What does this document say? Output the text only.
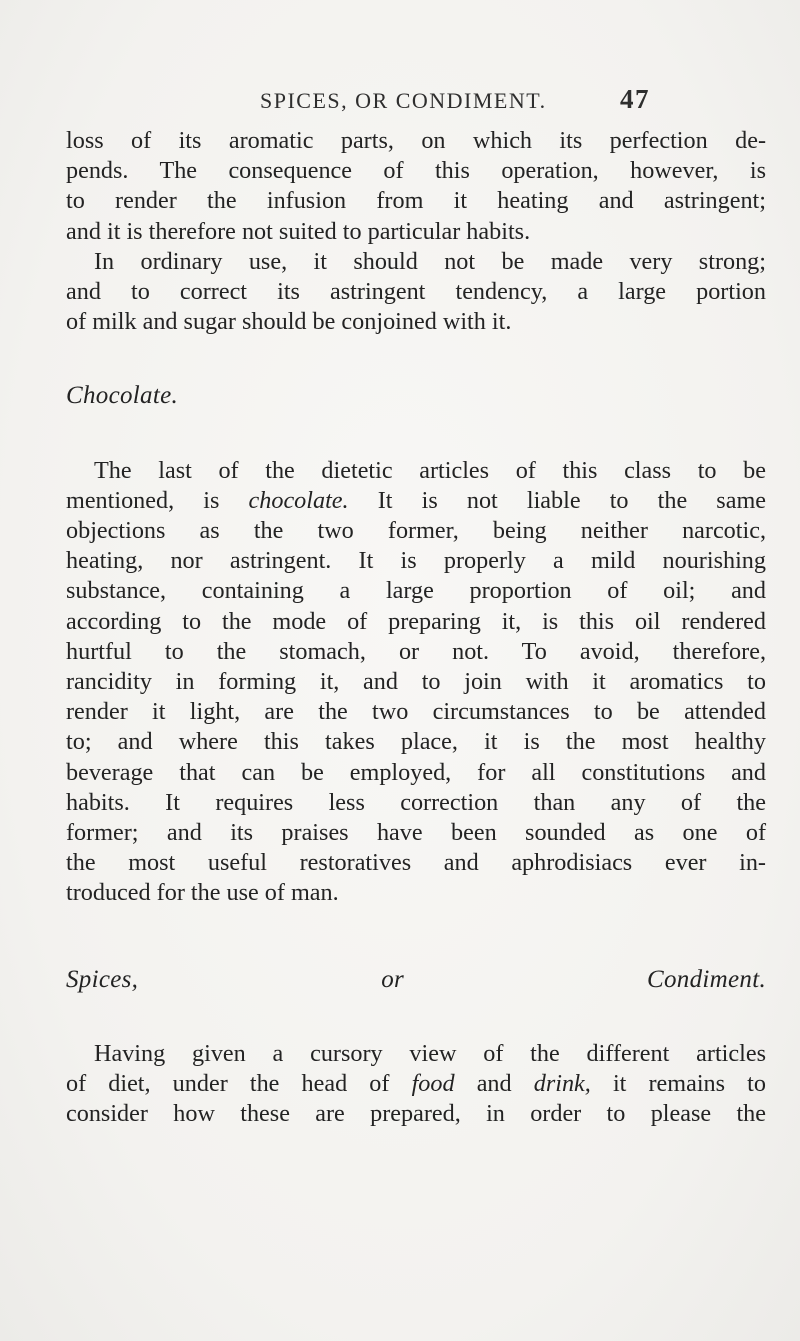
SPICES, OR CONDIMENT.	47

loss of its aromatic parts, on which its perfection de-

pends. The consequence of this operation, however, is

to render the infusion from it heating and astringent;

and it is therefore not suited to particular habits.

In ordinary use, it should not be made very strong;

and to correct its astringent tendency, a large portion

of milk and sugar should be conjoined with it.

Chocolate.

The last of the dietetic articles of this class to be

mentioned, is chocolate. It is not liable to the same

objections as the two former, being neither narcotic,

heating, nor astringent. It is properly a mild nourishing

substance, containing a large proportion of oil; and

according to the mode of preparing it, is this oil rendered

hurtful to the stomach, or not. To avoid, therefore,

rancidity in forming it, and to join with it aromatics to

render it light, are the two circumstances to be attended

to; and where this takes place, it is the most healthy

beverage that can be employed, for all constitutions and

habits. It requires less correction than any of the

former; and its praises have been sounded as one of

the most useful restoratives and aphrodisiacs ever in-

troduced for the use of man.

Spices, or Condiment.

Having given a cursory view of the different articles

of diet, under the head of food and drink, it remains to

consider how these are prepared, in order to please the
